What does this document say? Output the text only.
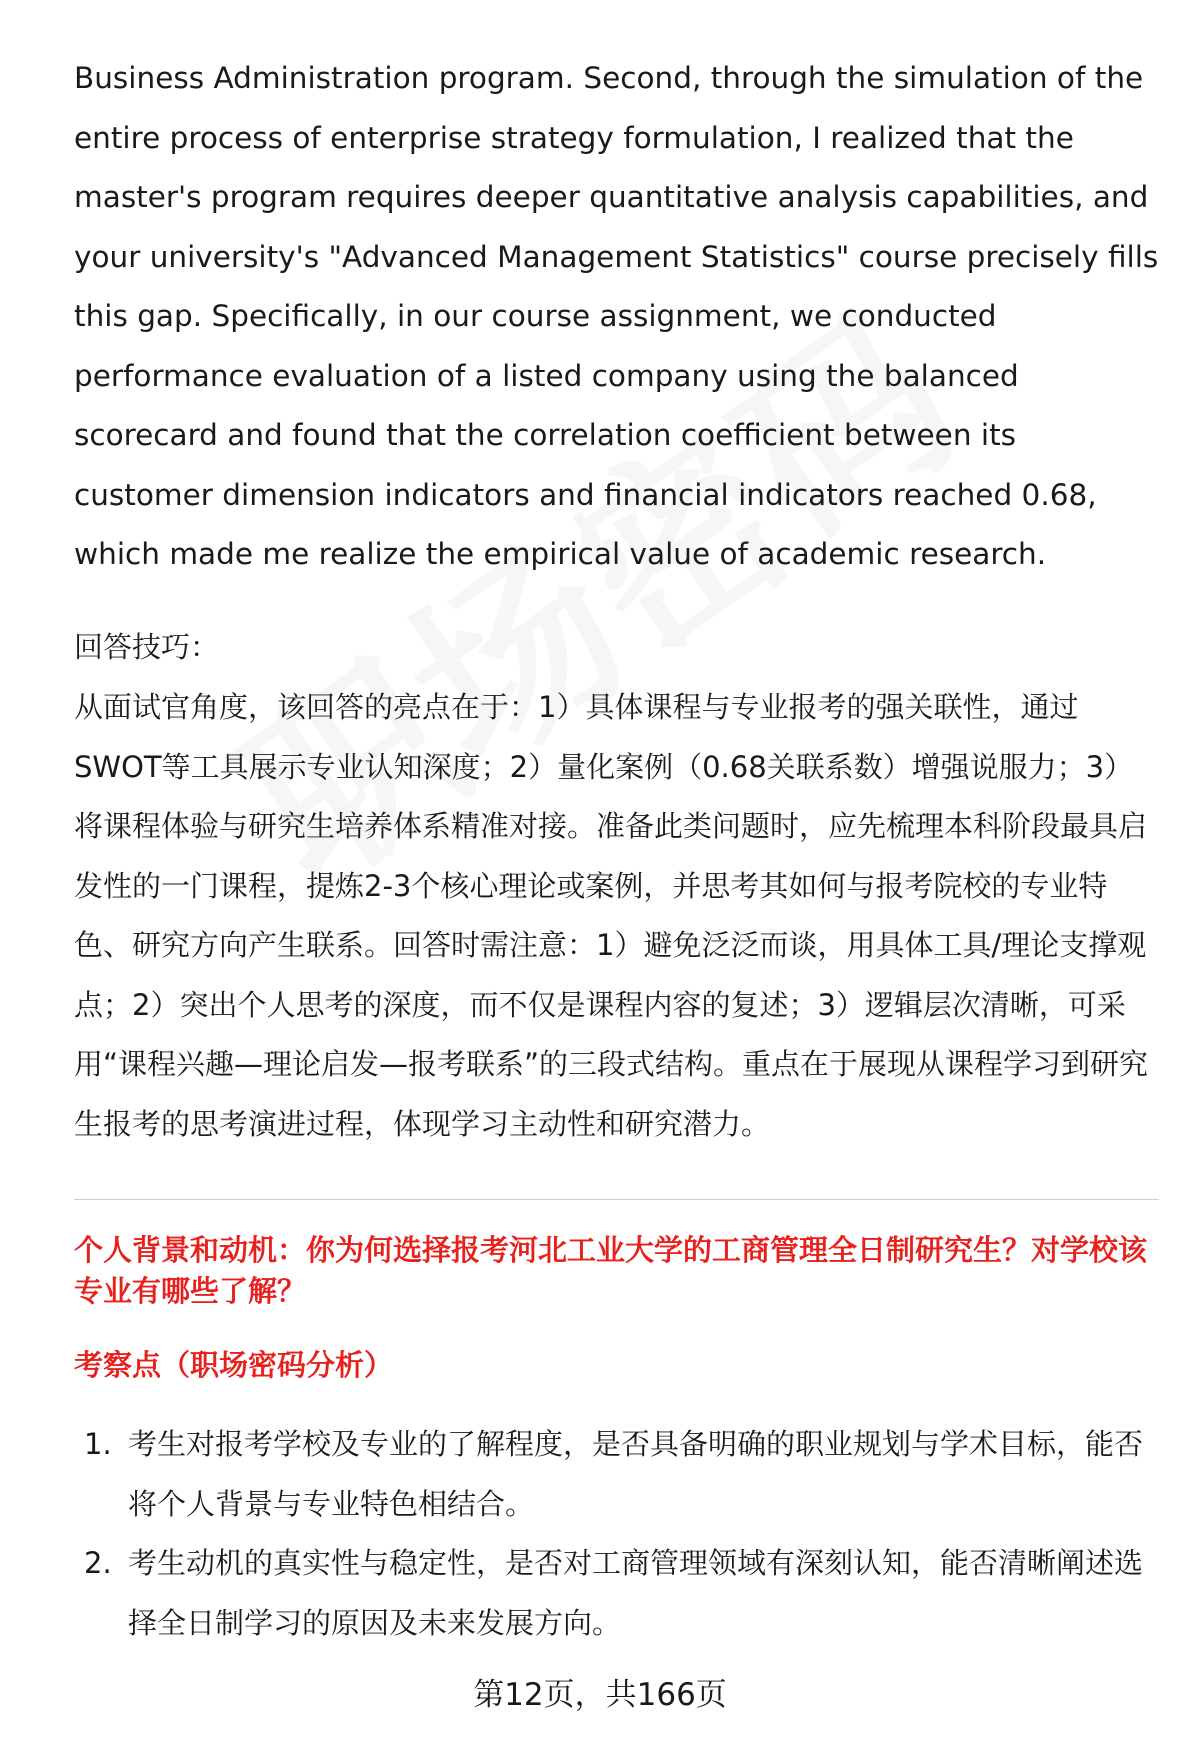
Business Administration program. Second, through the simulation of the entire process of enterprise strategy formulation, I realized that the master's program requires deeper quantitative analysis capabilities, and your university's "Advanced Management Statistics" course precisely fills this gap. Specifically, in our course assignment, we conducted performance evaluation of a listed company using the balanced scorecard and found that the correlation coefficient between its customer dimension indicators and financial indicators reached 0.68, which made me realize the empirical value of academic research.

回答技巧：

从面试官角度，该回答的亮点在于：1）具体课程与专业报考的强关联性，通过SWOT等工具展示专业认知深度；2）量化案例（0.68关联系数）增强说服力；3）将课程体验与研究生培养体系精准对接。准备此类问题时，应先梳理本科阶段最具启发性的一门课程，提炼2-3个核心理论或案例，并思考其如何与报考院校的专业特色、研究方向产生联系。回答时需注意：1）避免泛泛而谈，用具体工具/理论支撑观点；2）突出个人思考的深度，而不仅是课程内容的复述；3）逻辑层次清晰，可采用“课程兴趣—理论启发—报考联系”的三段式结构。重点在于展现从课程学习到研究生报考的思考演进过程，体现学习主动性和研究潜力。

个人背景和动机：你为何选择报考河北工业大学的工商管理全日制研究生？对学校该专业有哪些了解？

考察点（职场密码分析）

1. 考生对报考学校及专业的了解程度，是否具备明确的职业规划与学术目标，能否将个人背景与专业特色相结合。
2. 考生动机的真实性与稳定性，是否对工商管理领域有深刻认知，能否清晰阐述选择全日制学习的原因及未来发展方向。
第12页，共166页
